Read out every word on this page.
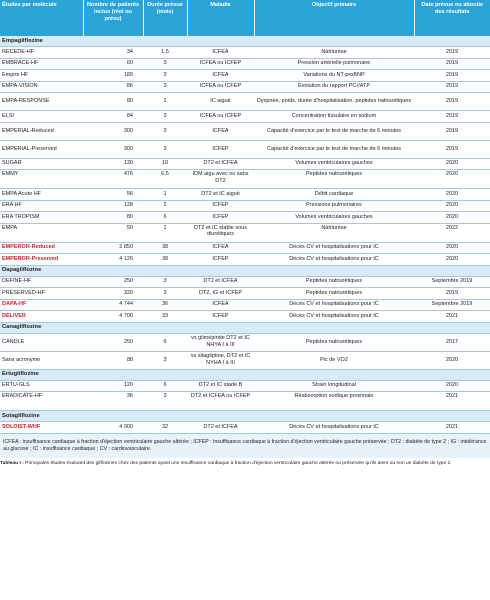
Études par molécule	Nombre de patients inclus (réel ou prévu)	Durée prévue (mois)	Maladie	Objectif primaire	Date prévue ou aboutie des résultats
Empagliflozine					
RECEDE-HF	34	1,5	ICFEA	Natriurèse	2019
EMBRACE-HF	60	3	ICFEA ou ICFEP	Pression artérielle pulmonaire	2019
Empire HF	189	3	ICFEA	Variations du NT-proBNP	2019
EMPA-VISION	86	3	ICFEA ou ICFEP	Évolution du rapport PCr/ATP	2019
EMPA-RESPONSE	80	1	IC aiguë	Dyspnée, poids, durée d'hospitalisation, peptides natriurétiques	2019
ELSI	84	3	ICFEA ou ICFEP	Concentration tissulaire en sodium	2019
EMPERIAL-Reduced	300	3	ICFEA	Capacité d'exercice par le test de marche de 6 minutes	2019
EMPERIAL-Preserved	300	3	ICFEP	Capacité d'exercice par le test de marche de 6 minutes	2019
SUGAR	130	10	DT2 et ICFEA	Volumes ventriculaires gauches	2020
EMMY	476	6,5	IDM aigu avec ou sans DT2	Peptides natriurétiques	2020
EMPA Acute HF	56	1	DT2 et IC aiguë	Débit cardiaque	2020
ERA HF	128	2	ICFEP	Pressions pulmonaires	2020
ERA TROPISM	80	6	ICFEP	Volumes ventriculaires gauches	2020
EMPA	50	1	DT2 et IC stable sous diurétiques	Natriurèse	2022
EMPEROR-Reduced	2 850	38	ICFEA	Décès CV et hospitalisations pour IC	2020
EMPEROR-Preserved	4 126	38	ICFEP	Décès CV et hospitalisations pour IC	2020
Dapagliflozine					
DEFINE-HF	250	3	DT2 et ICFEA	Peptides natriurétiques	Septembre 2019
PRESERVED-HF	320	3	DT2, IG et ICFEP	Peptides natriurétiques	2019
DAPA-HF	4 744	36	ICFEA	Décès CV et hospitalisations pour IC	Septembre 2019
DELIVER	4 700	33	ICFEP	Décès CV et hospitalisations pour IC	2021
Canagliflozine					
CANDLE	250	6	vs glimépiride DT2 et IC NHYA I à III	Peptides natriurétiques	2017
Sans acronyme	88	3	vs sitagliptine, DT2 et IC NYHA I à III	Pic de VO2	2020
Ertugliflozine					
ERTU-GLS	120	6	DT2 et IC stade B	Strain longitudinal	2020
ERADICATE-HF	36	3	DT2 et ICFEA ou ICFEP	Réabsorption sodique proximale	2021
Sotagliflozine					
SOLOIST-WHF	4 000	32	DT2 et ICFEA	Décès CV et hospitalisations pour IC	2021
ICFEA : insuffisance cardiaque à fraction d'éjection ventriculaire gauche altérée ; ICFEP : insuffisance cardiaque à fraction d'éjection ventriculaire gauche préservée ; DT2 : diabète de type 2 ; IG : intolérance au glucose ; IC : insuffisance cardiaque ; CV : cardiovasculaire.					
Tableau I : Principales études évaluant des gliflozines chez des patients ayant une insuffisance cardiaque à fraction d'éjection ventriculaire gauche altérée ou préservée qu'ils aient ou non un diabète de type 2.
